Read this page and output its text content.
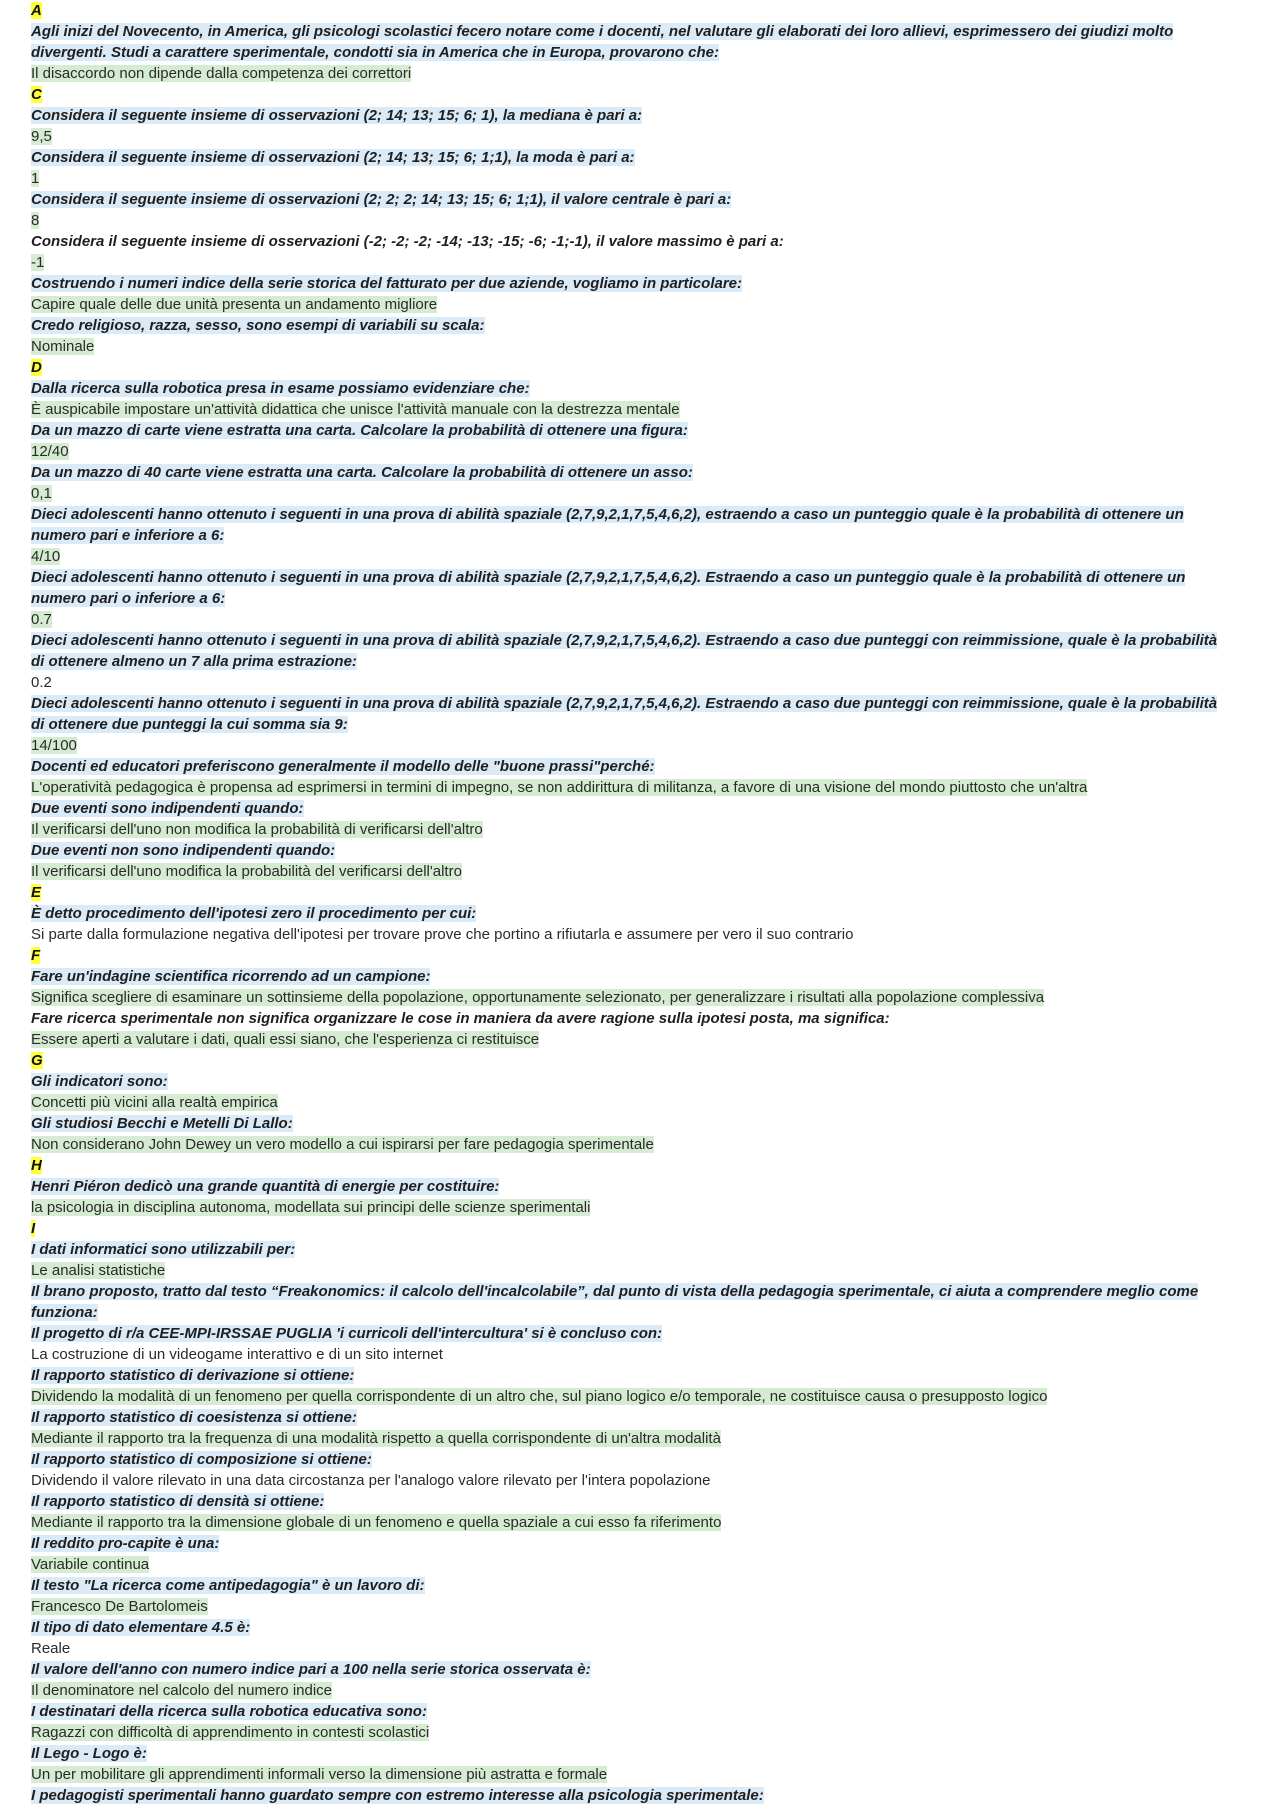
A
Agli inizi del Novecento, in America, gli psicologi scolastici fecero notare come i docenti, nel valutare gli elaborati dei loro allievi, esprimessero dei giudizi molto divergenti. Studi a carattere sperimentale, condotti sia in America che in Europa, provarono che:
Il disaccordo non dipende dalla competenza dei correttori
C
Considera il seguente insieme di osservazioni (2; 14; 13; 15; 6; 1), la mediana è pari a:
9,5
Considera il seguente insieme di osservazioni (2; 14; 13; 15; 6; 1;1), la moda è pari a:
1
Considera il seguente insieme di osservazioni (2; 2; 2; 14; 13; 15; 6; 1;1), il valore centrale è pari a:
8
Considera il seguente insieme di osservazioni (-2; -2; -2; -14; -13; -15; -6; -1;-1), il valore massimo è pari a:
-1
Costruendo i numeri indice della serie storica del fatturato per due aziende, vogliamo in particolare:
Capire quale delle due unità presenta un andamento migliore
Credo religioso, razza, sesso, sono esempi di variabili su scala:
Nominale
D
Dalla ricerca sulla robotica presa in esame possiamo evidenziare che:
È auspicabile impostare un'attività didattica che unisce l'attività manuale con la destrezza mentale
Da un mazzo di carte viene estratta una carta. Calcolare la probabilità di ottenere una figura:
12/40
Da un mazzo di 40 carte viene estratta una carta. Calcolare la probabilità di ottenere un asso:
0,1
Dieci adolescenti hanno ottenuto i seguenti in una prova di abilità spaziale (2,7,9,2,1,7,5,4,6,2), estraendo a caso un punteggio quale è la probabilità di ottenere un numero pari e inferiore a 6:
4/10
Dieci adolescenti hanno ottenuto i seguenti in una prova di abilità spaziale (2,7,9,2,1,7,5,4,6,2). Estraendo a caso un punteggio quale è la probabilità di ottenere un numero pari o inferiore a 6:
0.7
Dieci adolescenti hanno ottenuto i seguenti in una prova di abilità spaziale (2,7,9,2,1,7,5,4,6,2). Estraendo a caso due punteggi con reimmissione, quale è la probabilità di ottenere almeno un 7 alla prima estrazione:
0.2
Dieci adolescenti hanno ottenuto i seguenti in una prova di abilità spaziale (2,7,9,2,1,7,5,4,6,2). Estraendo a caso due punteggi con reimmissione, quale è la probabilità di ottenere due punteggi la cui somma sia 9:
14/100
Docenti ed educatori preferiscono generalmente il modello delle "buone prassi"perché:
L'operatività pedagogica è propensa ad esprimersi in termini di impegno, se non addirittura di militanza, a favore di una visione del mondo piuttosto che un'altra
Due eventi sono indipendenti quando:
Il verificarsi dell'uno non modifica la probabilità di verificarsi dell'altro
Due eventi non sono indipendenti quando:
Il verificarsi dell'uno modifica la probabilità del verificarsi dell'altro
E
È detto procedimento dell'ipotesi zero il procedimento per cui:
Si parte dalla formulazione negativa dell'ipotesi per trovare prove che portino a rifiutarla e assumere per vero il suo contrario
F
Fare un'indagine scientifica ricorrendo ad un campione:
Significa scegliere di esaminare un sottinsieme della popolazione, opportunamente selezionato, per generalizzare i risultati alla popolazione complessiva
Fare ricerca sperimentale non significa organizzare le cose in maniera da avere ragione sulla ipotesi posta, ma significa:
Essere aperti a valutare i dati, quali essi siano, che l'esperienza ci restituisce
G
Gli indicatori sono:
Concetti più vicini alla realtà empirica
Gli studiosi Becchi e Metelli Di Lallo:
Non considerano John Dewey un vero modello a cui ispirarsi per fare pedagogia sperimentale
H
Henri Piéron dedicò una grande quantità di energie per costituire:
la psicologia in disciplina autonoma, modellata sui principi delle scienze sperimentali
I
I dati informatici sono utilizzabili per:
Le analisi statistiche
Il brano proposto, tratto dal testo “Freakonomics: il calcolo dell'incalcolabile”, dal punto di vista della pedagogia sperimentale, ci aiuta a comprendere meglio come funziona:
Il progetto di r/a CEE-MPI-IRSSAE PUGLIA 'i curricoli dell'intercultura' si è concluso con:
La costruzione di un videogame interattivo e di un sito internet
Il rapporto statistico di derivazione si ottiene:
Dividendo la modalità di un fenomeno per quella corrispondente di un altro che, sul piano logico e/o temporale, ne costituisce causa o presupposto logico
Il rapporto statistico di coesistenza si ottiene:
Mediante il rapporto tra la frequenza di una modalità rispetto a quella corrispondente di un'altra modalità
Il rapporto statistico di composizione si ottiene:
Dividendo il valore rilevato in una data circostanza per l'analogo valore rilevato per l'intera popolazione
Il rapporto statistico di densità si ottiene:
Mediante il rapporto tra la dimensione globale di un fenomeno e quella spaziale a cui esso fa riferimento
Il reddito pro-capite è una:
Variabile continua
Il testo "La ricerca come antipedagogia" è un lavoro di:
Francesco De Bartolomeis
Il tipo di dato elementare 4.5 è:
Reale
Il valore dell'anno con numero indice pari a 100 nella serie storica osservata è:
Il denominatore nel calcolo del numero indice
I destinatari della ricerca sulla robotica educativa sono:
Ragazzi con difficoltà di apprendimento in contesti scolastici
Il Lego - Logo è:
Un per mobilitare gli apprendimenti informali verso la dimensione più astratta e formale
I pedagogisti sperimentali hanno guardato sempre con estremo interesse alla psicologia sperimentale:
